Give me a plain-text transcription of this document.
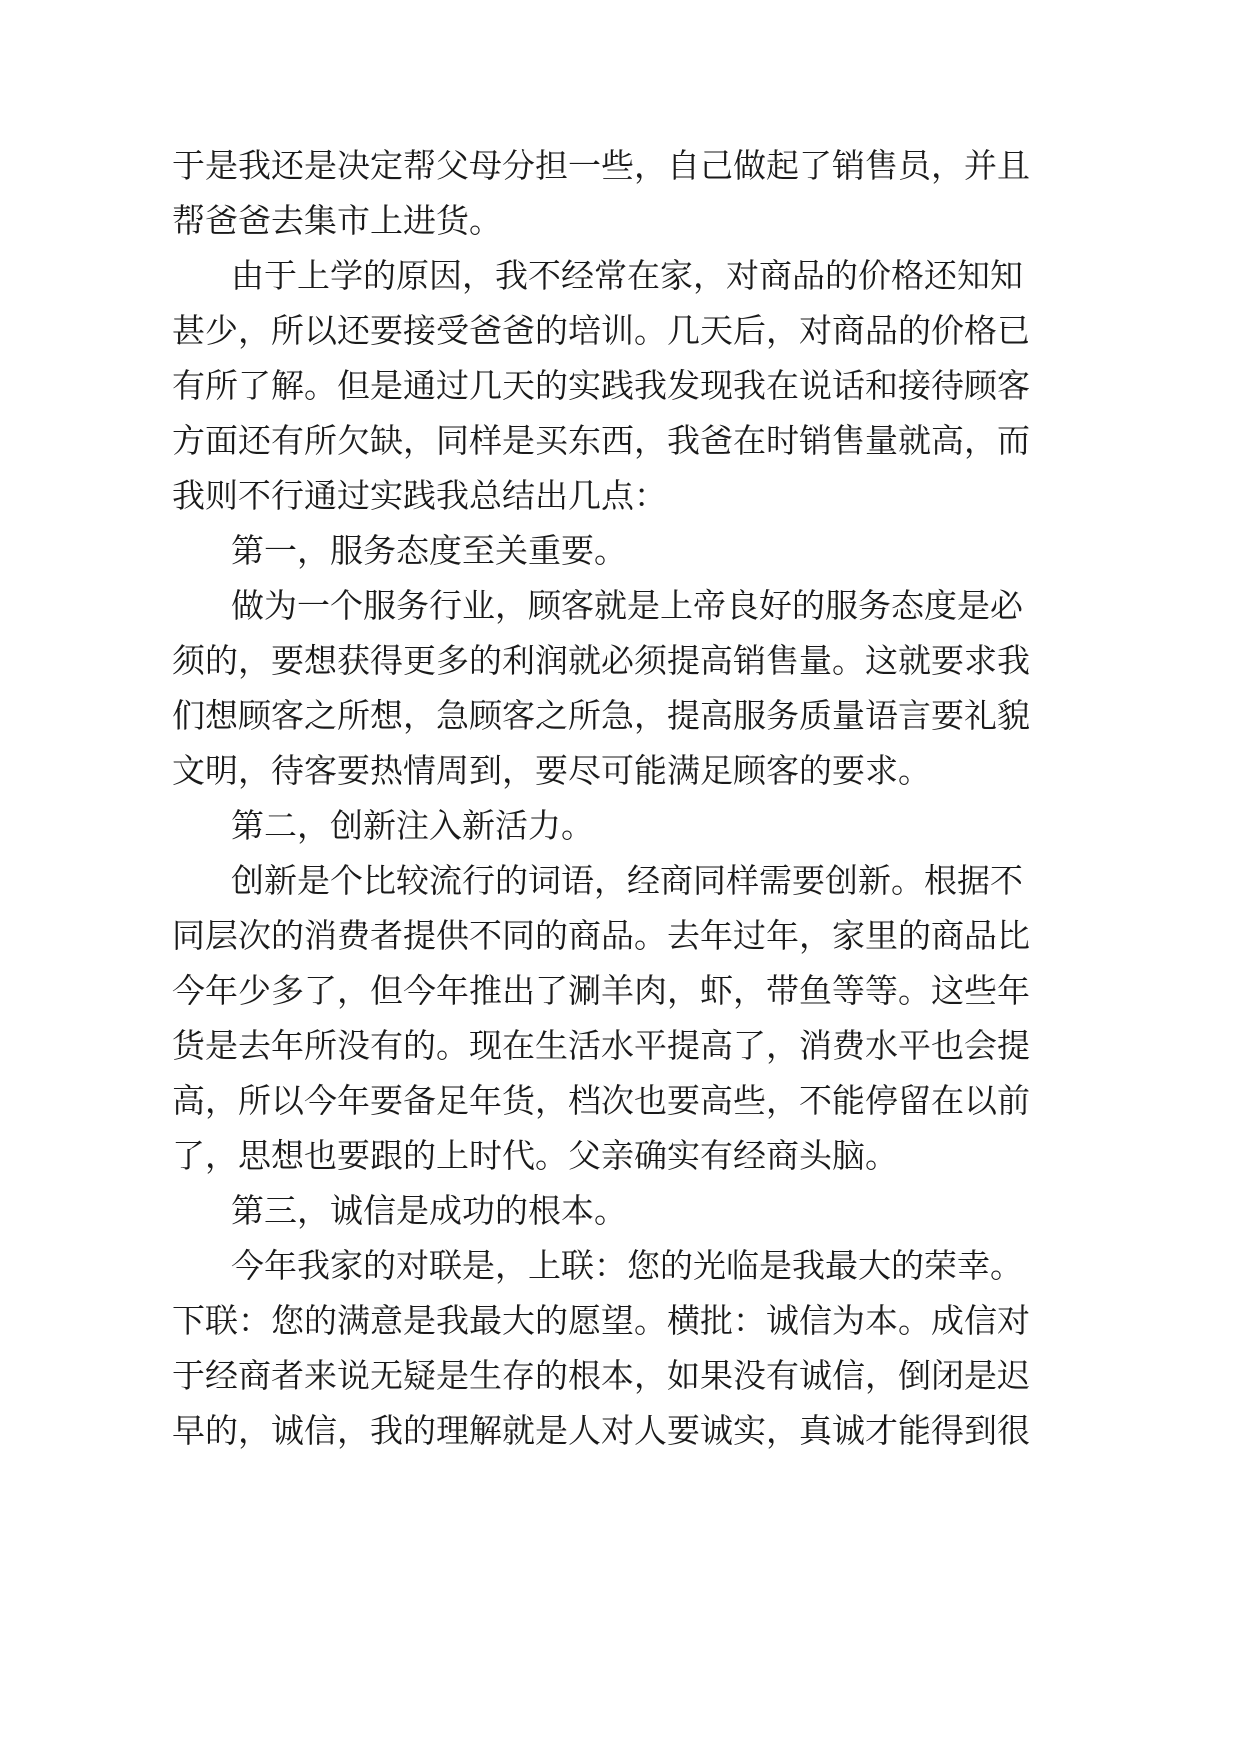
于是我还是决定帮父母分担一些，自己做起了销售员，并且
帮爸爸去集市上进货。
由于上学的原因，我不经常在家，对商品的价格还知知
甚少，所以还要接受爸爸的培训。几天后，对商品的价格已
有所了解。但是通过几天的实践我发现我在说话和接待顾客
方面还有所欠缺，同样是买东西，我爸在时销售量就高，而
我则不行通过实践我总结出几点：
第一，服务态度至关重要。
做为一个服务行业，顾客就是上帝良好的服务态度是必
须的，要想获得更多的利润就必须提高销售量。这就要求我
们想顾客之所想，急顾客之所急，提高服务质量语言要礼貌
文明，待客要热情周到，要尽可能满足顾客的要求。
第二，创新注入新活力。
创新是个比较流行的词语，经商同样需要创新。根据不
同层次的消费者提供不同的商品。去年过年，家里的商品比
今年少多了，但今年推出了涮羊肉，虾，带鱼等等。这些年
货是去年所没有的。现在生活水平提高了，消费水平也会提
高，所以今年要备足年货，档次也要高些，不能停留在以前
了，思想也要跟的上时代。父亲确实有经商头脑。
第三，诚信是成功的根本。
今年我家的对联是，上联：您的光临是我最大的荣幸。
下联：您的满意是我最大的愿望。横批：诚信为本。成信对
于经商者来说无疑是生存的根本，如果没有诚信，倒闭是迟
早的，诚信，我的理解就是人对人要诚实，真诚才能得到很
